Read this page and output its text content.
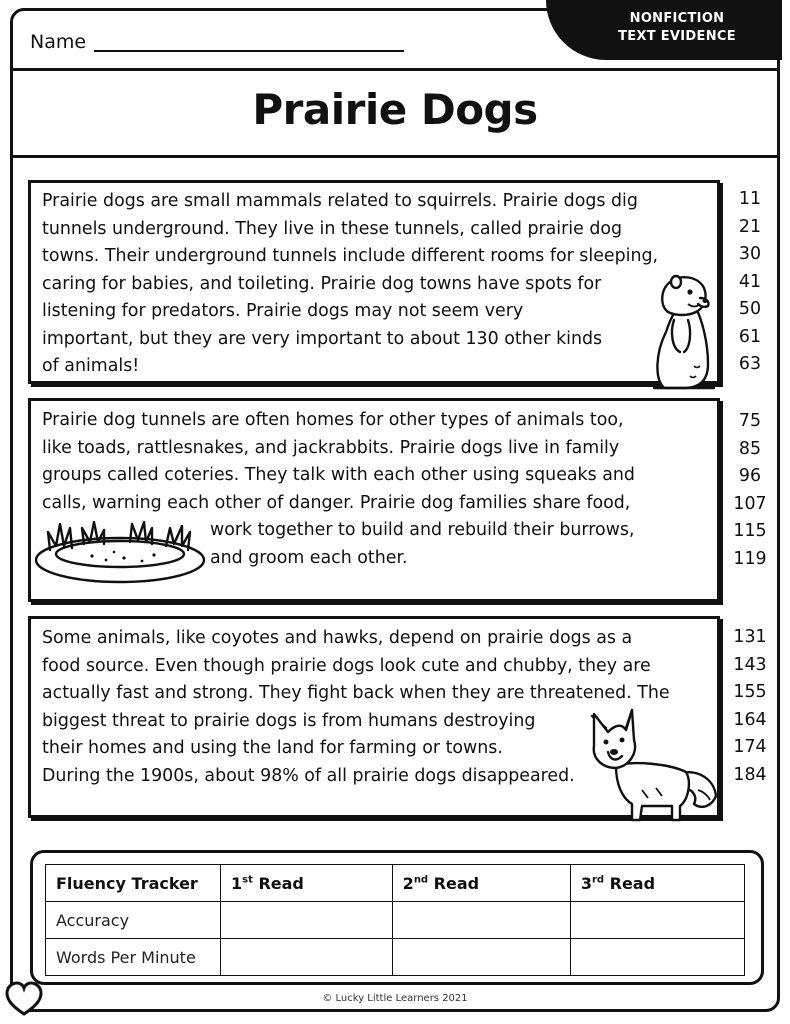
Name
NONFICTION
TEXT EVIDENCE
Prairie Dogs
Prairie dogs are small mammals related to squirrels. Prairie dogs dig
tunnels underground. They live in these tunnels, called prairie dog
towns. Their underground tunnels include different rooms for sleeping,
caring for babies, and toileting. Prairie dog towns have spots for
listening for predators. Prairie dogs may not seem very
important, but they are very important to about 130 other kinds
of animals!
11
21
30
41
50
61
63
Prairie dog tunnels are often homes for other types of animals too,
like toads, rattlesnakes, and jackrabbits. Prairie dogs live in family
groups called coteries. They talk with each other using squeaks and
calls, warning each other of danger. Prairie dog families share food,
work together to build and rebuild their burrows,
and groom each other.
75
85
96
107
115
119
Some animals, like coyotes and hawks, depend on prairie dogs as a
food source. Even though prairie dogs look cute and chubby, they are
actually fast and strong. They fight back when they are threatened. The
biggest threat to prairie dogs is from humans destroying
their homes and using the land for farming or towns.
During the 1900s, about 98% of all prairie dogs disappeared.
131
143
155
164
174
184
Fluency Tracker	1st Read	2nd Read	3rd Read
Accuracy			
Words Per Minute			
© Lucky Little Learners 2021
